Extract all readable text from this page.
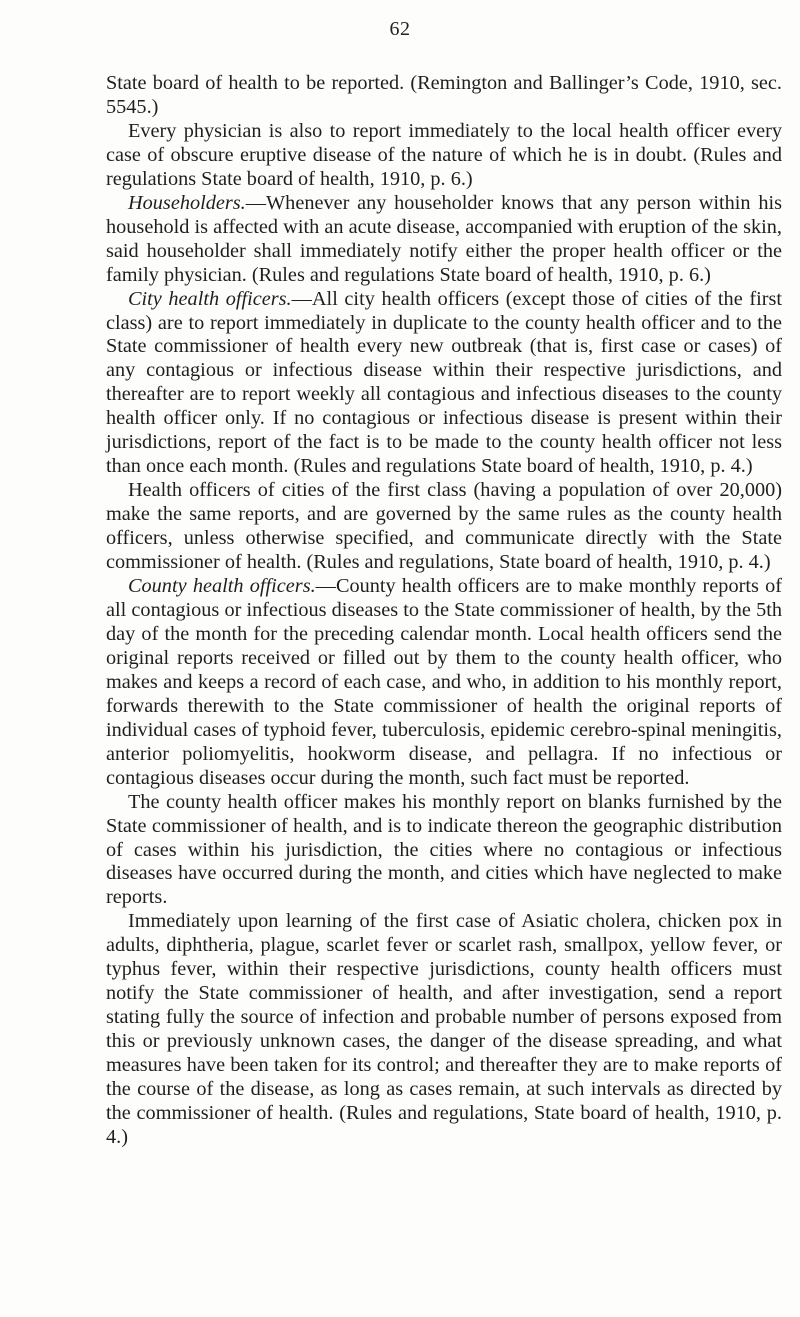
62

State board of health to be reported. (Remington and Ballinger’s Code, 1910, sec. 5545.)

Every physician is also to report immediately to the local health officer every case of obscure eruptive disease of the nature of which he is in doubt. (Rules and regulations State board of health, 1910, p. 6.)

Householders.—Whenever any householder knows that any person within his household is affected with an acute disease, accompanied with eruption of the skin, said householder shall immediately notify either the proper health officer or the family physician. (Rules and regulations State board of health, 1910, p. 6.)

City health officers.—All city health officers (except those of cities of the first class) are to report immediately in duplicate to the county health officer and to the State commissioner of health every new outbreak (that is, first case or cases) of any contagious or infectious disease within their respective jurisdictions, and thereafter are to report weekly all contagious and infectious diseases to the county health officer only. If no contagious or infectious disease is present within their jurisdictions, report of the fact is to be made to the county health officer not less than once each month. (Rules and regulations State board of health, 1910, p. 4.)

Health officers of cities of the first class (having a population of over 20,000) make the same reports, and are governed by the same rules as the county health officers, unless otherwise specified, and communicate directly with the State commissioner of health. (Rules and regulations, State board of health, 1910, p. 4.)

County health officers.—County health officers are to make monthly reports of all contagious or infectious diseases to the State commissioner of health, by the 5th day of the month for the preceding calendar month. Local health officers send the original reports received or filled out by them to the county health officer, who makes and keeps a record of each case, and who, in addition to his monthly report, forwards therewith to the State commissioner of health the original reports of individual cases of typhoid fever, tuberculosis, epidemic cerebro-spinal meningitis, anterior poliomyelitis, hookworm disease, and pellagra. If no infectious or contagious diseases occur during the month, such fact must be reported.

The county health officer makes his monthly report on blanks furnished by the State commissioner of health, and is to indicate thereon the geographic distribution of cases within his jurisdiction, the cities where no contagious or infectious diseases have occurred during the month, and cities which have neglected to make reports.

Immediately upon learning of the first case of Asiatic cholera, chicken pox in adults, diphtheria, plague, scarlet fever or scarlet rash, smallpox, yellow fever, or typhus fever, within their respective jurisdictions, county health officers must notify the State commissioner of health, and after investigation, send a report stating fully the source of infection and probable number of persons exposed from this or previously unknown cases, the danger of the disease spreading, and what measures have been taken for its control; and thereafter they are to make reports of the course of the disease, as long as cases remain, at such intervals as directed by the commissioner of health. (Rules and regulations, State board of health, 1910, p. 4.)
